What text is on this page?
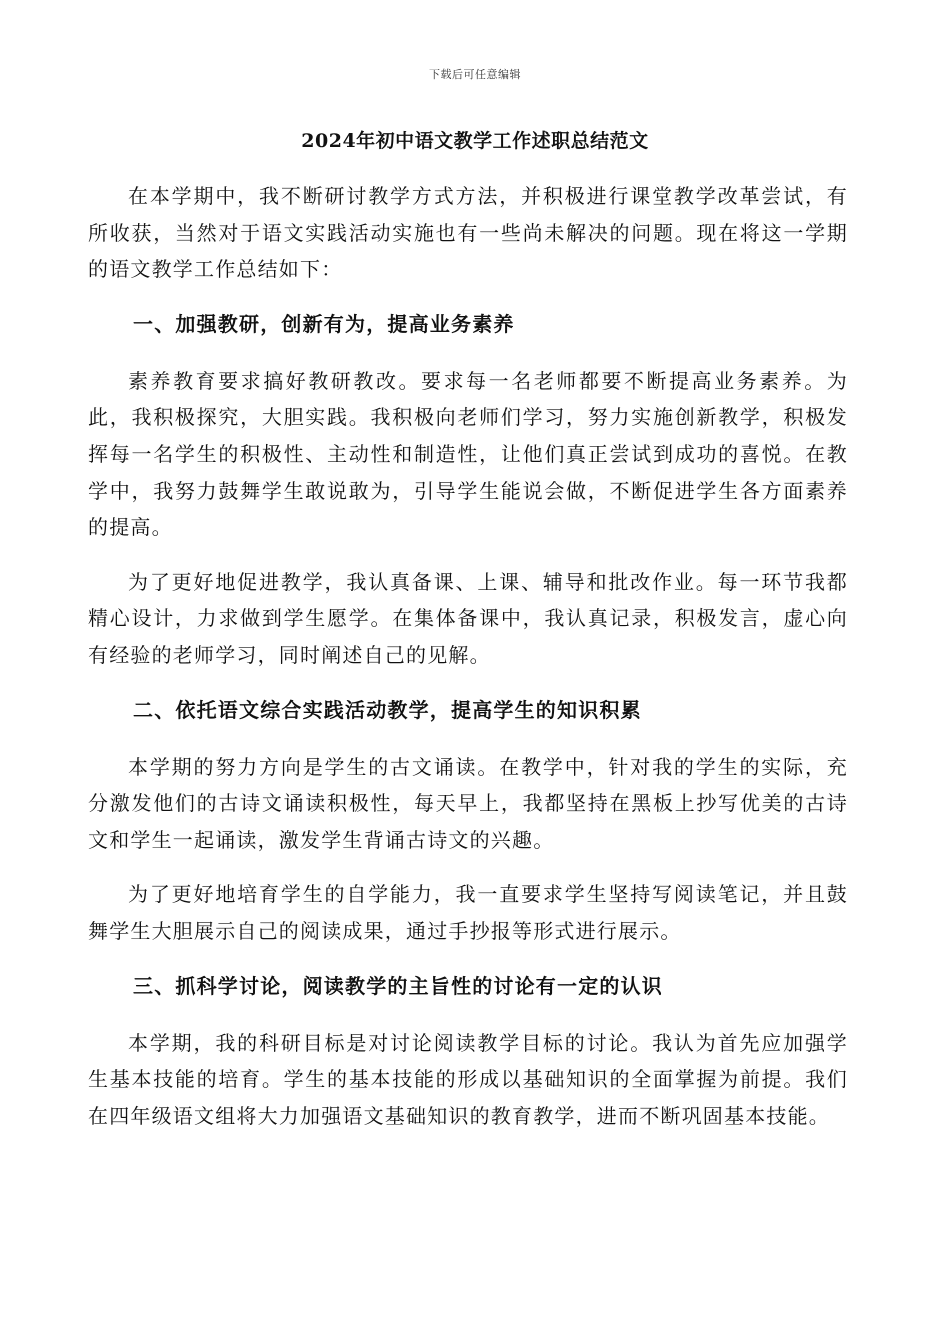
下载后可任意编辑
2024年初中语文教学工作述职总结范文

在本学期中，我不断研讨教学方式方法，并积极进行课堂教学改革尝试，有所收获，当然对于语文实践活动实施也有一些尚未解决的问题。现在将这一学期的语文教学工作总结如下：

一、加强教研，创新有为，提高业务素养

素养教育要求搞好教研教改。要求每一名老师都要不断提高业务素养。为此，我积极探究，大胆实践。我积极向老师们学习，努力实施创新教学，积极发挥每一名学生的积极性、主动性和制造性，让他们真正尝试到成功的喜悦。在教学中，我努力鼓舞学生敢说敢为，引导学生能说会做，不断促进学生各方面素养的提高。

为了更好地促进教学，我认真备课、上课、辅导和批改作业。每一环节我都精心设计，力求做到学生愿学。在集体备课中，我认真记录，积极发言，虚心向有经验的老师学习，同时阐述自己的见解。

二、依托语文综合实践活动教学，提高学生的知识积累

本学期的努力方向是学生的古文诵读。在教学中，针对我的学生的实际，充分激发他们的古诗文诵读积极性，每天早上，我都坚持在黑板上抄写优美的古诗文和学生一起诵读，激发学生背诵古诗文的兴趣。

为了更好地培育学生的自学能力，我一直要求学生坚持写阅读笔记，并且鼓舞学生大胆展示自己的阅读成果，通过手抄报等形式进行展示。

三、抓科学讨论，阅读教学的主旨性的讨论有一定的认识

本学期，我的科研目标是对讨论阅读教学目标的讨论。我认为首先应加强学生基本技能的培育。学生的基本技能的形成以基础知识的全面掌握为前提。我们在四年级语文组将大力加强语文基础知识的教育教学，进而不断巩固基本技能。
